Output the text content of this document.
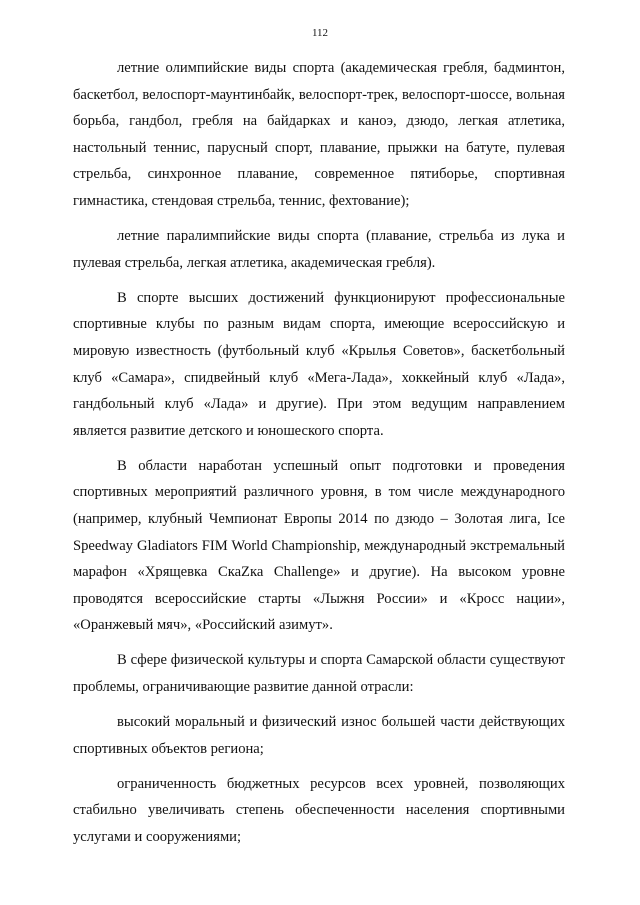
112

летние олимпийские виды спорта (академическая гребля, бадминтон, баскетбол, велоспорт-маунтинбайк, велоспорт-трек, велоспорт-шоссе, вольная борьба, гандбол, гребля на байдарках и каноэ, дзюдо, легкая атлетика, настольный теннис, парусный спорт, плавание, прыжки на батуте, пулевая стрельба, синхронное плавание, современное пятиборье, спортивная гимнастика, стендовая стрельба, теннис, фехтование);

летние паралимпийские виды спорта (плавание, стрельба из лука и пулевая стрельба, легкая атлетика, академическая гребля).

В спорте высших достижений функционируют профессиональные спортивные клубы по разным видам спорта, имеющие всероссийскую и мировую известность (футбольный клуб «Крылья Советов», баскетбольный клуб «Самара», спидвейный клуб «Мега-Лада», хоккейный клуб «Лада», гандбольный клуб «Лада» и другие). При этом ведущим направлением является развитие детского и юношеского спорта.

В области наработан успешный опыт подготовки и проведения спортивных мероприятий различного уровня, в том числе международного (например, клубный Чемпионат Европы 2014 по дзюдо – Золотая лига, Ice Speedway Gladiators FIM World Championship, международный экстремальный марафон «Хрящевка СкаZка Challenge» и другие). На высоком уровне проводятся всероссийские старты «Лыжня России» и «Кросс нации», «Оранжевый мяч», «Российский азимут».

В сфере физической культуры и спорта Самарской области существуют проблемы, ограничивающие развитие данной отрасли:

высокий моральный и физический износ большей части действующих спортивных объектов региона;

ограниченность бюджетных ресурсов всех уровней, позволяющих стабильно увеличивать степень обеспеченности населения спортивными услугами и сооружениями;
